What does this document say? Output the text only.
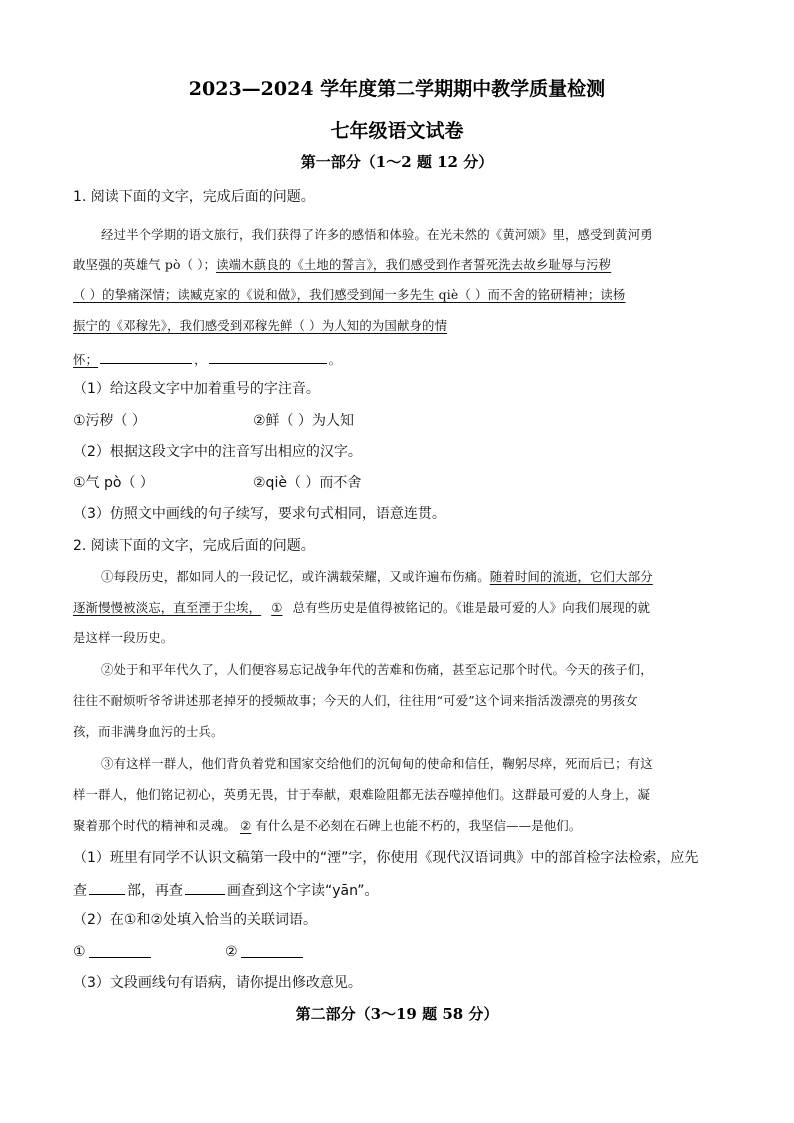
2023—2024 学年度第二学期期中教学质量检测
七年级语文试卷
第一部分（1～2 题 12 分）
1. 阅读下面的文字，完成后面的问题。
经过半个学期的语文旅行，我们获得了许多的感悟和体验。在光未然的《黄河颂》里，感受到黄河勇
敢坚强的英雄气 pò（ ）；读端木蕻良的《土地的誓言》，我们感受到作者誓死洗去故乡耻辱与污秽
（ ）的挚痛深情；读臧克家的《说和做》，我们感受到闻一多先生 qiè（ ）而不舍的铭研精神；读杨
振宁的《邓稼先》，我们感受到邓稼先鲜（ ）为人知的为国献身的情
怀；	，	。
（1）给这段文字中加着重号的字注音。
①污秽（ ）	②鲜（ ）为人知
（2）根据这段文字中的注音写出相应的汉字。
①气 pò（ ）	②qiè（ ）而不舍
（3）仿照文中画线的句子续写，要求句式相同，语意连贯。
2. 阅读下面的文字，完成后面的问题。
①每段历史，都如同人的一段记忆，或许满载荣耀，又或许遍布伤痛。随着时间的流逝，它们大部分
逐渐慢慢被淡忘，直至湮于尘埃， ① 总有些历史是值得被铭记的。《谁是最可爱的人》向我们展现的就
是这样一段历史。
②处于和平年代久了，人们便容易忘记战争年代的苦难和伤痛，甚至忘记那个时代。今天的孩子们，
往往不耐烦听爷爷讲述那老掉牙的授频故事；今天的人们，往往用“可爱”这个词来指活泼漂亮的男孩女
孩，而非满身血污的士兵。
③有这样一群人，他们背负着党和国家交给他们的沉甸甸的使命和信任，鞠躬尽瘁，死而后已；有这
样一群人，他们铭记初心，英勇无畏，甘于奉献，艰难险阻都无法吞噬掉他们。这群最可爱的人身上，凝
聚着那个时代的精神和灵魂。 ② 有什么是不必刻在石碑上也能不朽的，我坚信——是他们。
（1）班里有同学不认识文稿第一段中的“湮”字，你使用《现代汉语词典》中的部首检字法检索，应先
查	部，再查	画查到这个字读“yān”。
（2）在①和②处填入恰当的关联词语。
①	②
（3）文段画线句有语病，请你提出修改意见。
第二部分（3～19 题 58 分）
